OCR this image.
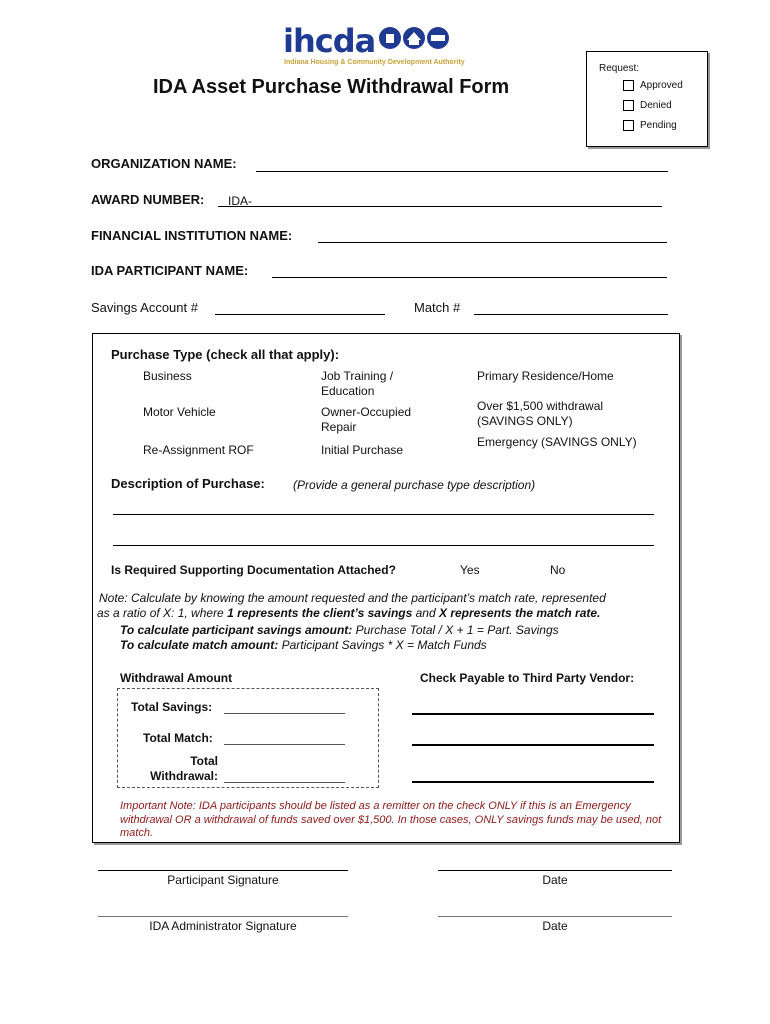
ihcda
Indiana Housing & Community Development Authority
IDA Asset Purchase Withdrawal Form
Request:
Approved
Denied
Pending
ORGANIZATION NAME:
AWARD NUMBER: IDA-
FINANCIAL INSTITUTION NAME:
IDA PARTICIPANT NAME:
Savings Account #	Match #
Purchase Type (check all that apply):
Business
Motor Vehicle
Re-Assignment ROF
Job Training / Education
Owner-Occupied Repair
Initial Purchase
Primary Residence/Home
Over $1,500 withdrawal (SAVINGS ONLY)
Emergency (SAVINGS ONLY)
Description of Purchase: (Provide a general purchase type description)
Is Required Supporting Documentation Attached?	Yes	No
Note: Calculate by knowing the amount requested and the participant’s match rate, represented
as a ratio of X: 1, where 1 represents the client’s savings and X represents the match rate.
To calculate participant savings amount: Purchase Total / X + 1 = Part. Savings
To calculate match amount: Participant Savings * X = Match Funds
Withdrawal Amount	Check Payable to Third Party Vendor:
Total Savings:
Total Match:
Total Withdrawal:
Important Note: IDA participants should be listed as a remitter on the check ONLY if this is an Emergency withdrawal OR a withdrawal of funds saved over $1,500. In those cases, ONLY savings funds may be used, not match.
Participant Signature	Date
IDA Administrator Signature	Date
